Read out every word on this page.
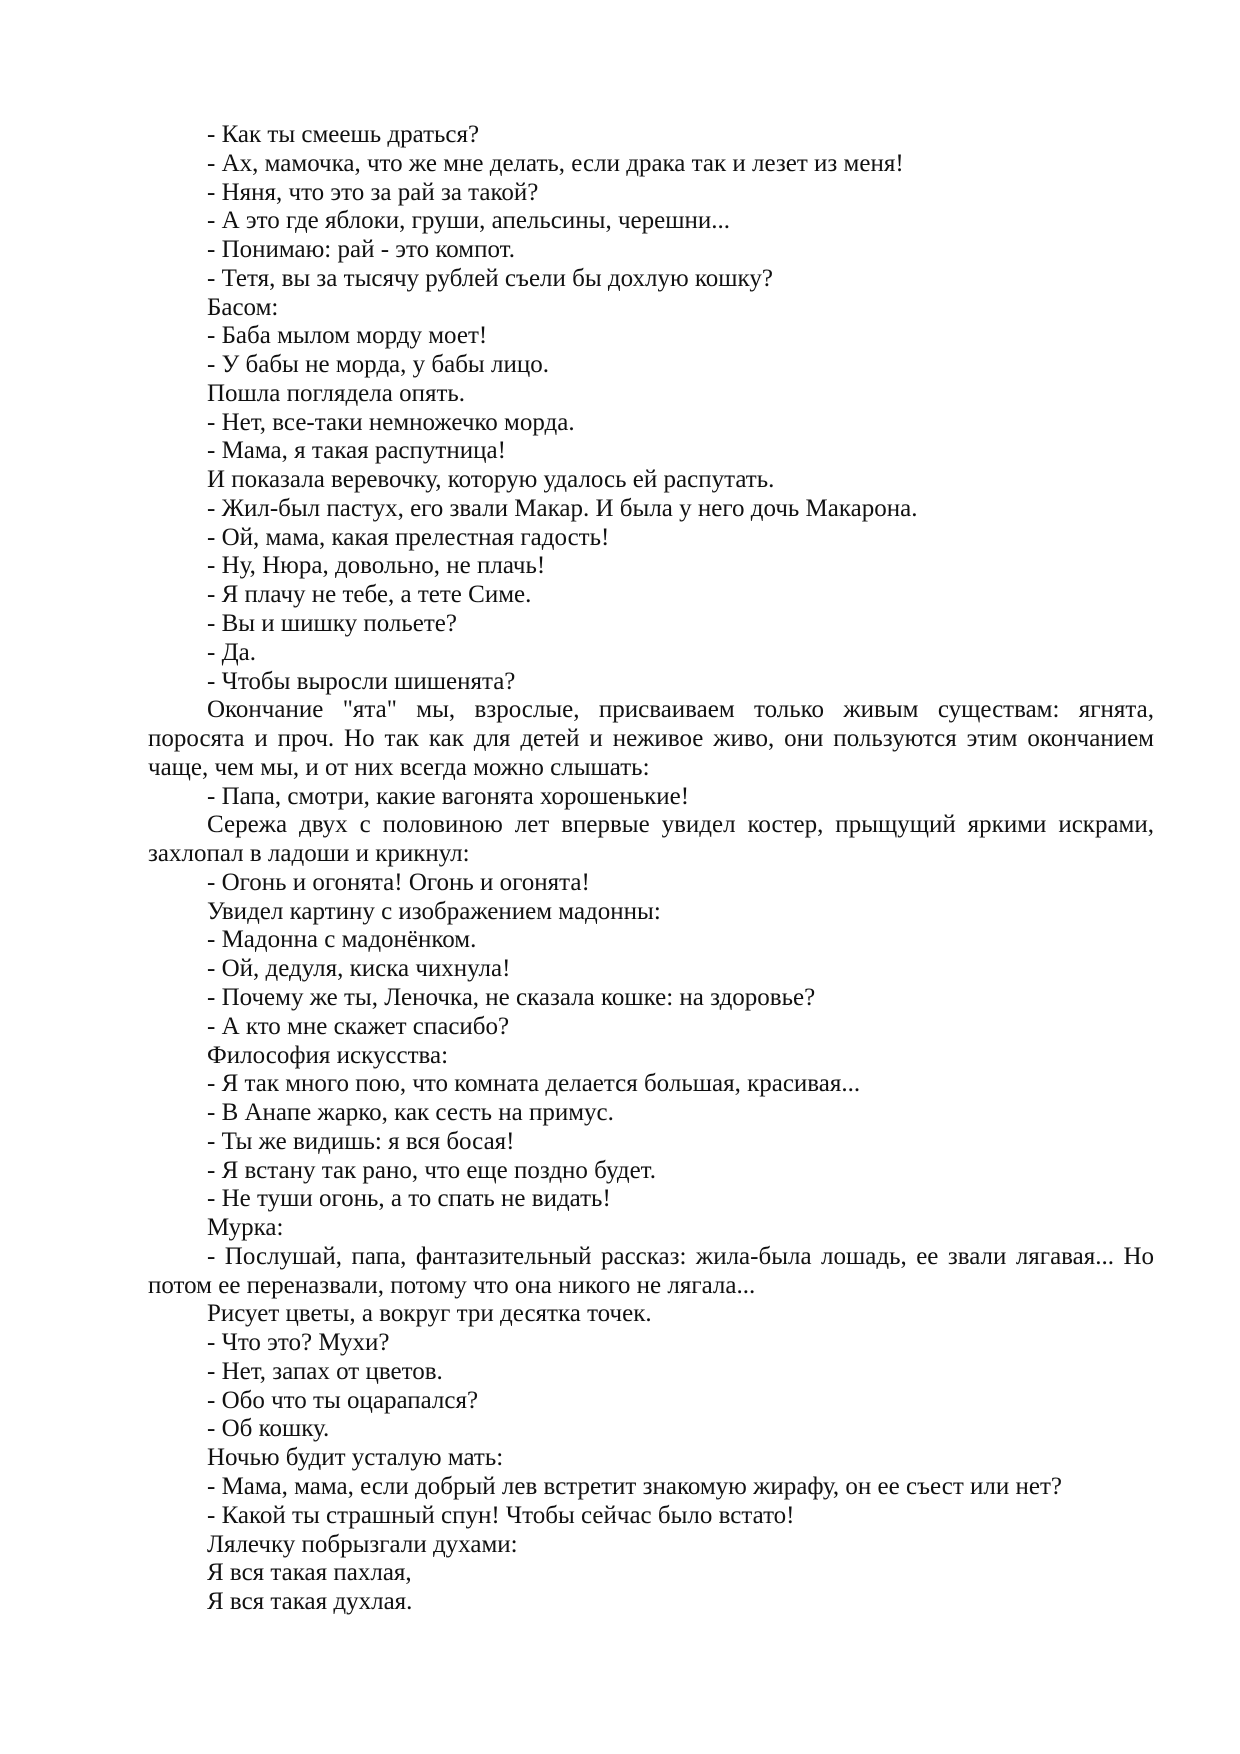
- Как ты смеешь драться?
- Ах, мамочка, что же мне делать, если драка так и лезет из меня!
- Няня, что это за рай за такой?
- А это где яблоки, груши, апельсины, черешни...
- Понимаю: рай - это компот.
- Тетя, вы за тысячу рублей съели бы дохлую кошку?
Басом:
- Баба мылом морду моет!
- У бабы не морда, у бабы лицо.
Пошла поглядела опять.
- Нет, все-таки немножечко морда.
- Мама, я такая распутница!
И показала веревочку, которую удалось ей распутать.
- Жил-был пастух, его звали Макар. И была у него дочь Макарона.
- Ой, мама, какая прелестная гадость!
- Ну, Нюра, довольно, не плачь!
- Я плачу не тебе, а тете Симе.
- Вы и шишку польете?
- Да.
- Чтобы выросли шишенята?
Окончание "ята" мы, взрослые, присваиваем только живым существам: ягнята,
поросята и проч. Но так как для детей и неживое живо, они пользуются этим окончанием
чаще, чем мы, и от них всегда можно слышать:
- Папа, смотри, какие вагонята хорошенькие!
Сережа двух с половиною лет впервые увидел костер, прыщущий яркими искрами,
захлопал в ладоши и крикнул:
- Огонь и огонята! Огонь и огонята!
Увидел картину с изображением мадонны:
- Мадонна с мадонёнком.
- Ой, дедуля, киска чихнула!
- Почему же ты, Леночка, не сказала кошке: на здоровье?
- А кто мне скажет спасибо?
Философия искусства:
- Я так много пою, что комната делается большая, красивая...
- В Анапе жарко, как сесть на примус.
- Ты же видишь: я вся босая!
- Я встану так рано, что еще поздно будет.
- Не туши огонь, а то спать не видать!
Мурка:
- Послушай, папа, фантазительный рассказ: жила-была лошадь, ее звали лягавая... Но
потом ее переназвали, потому что она никого не лягала...
Рисует цветы, а вокруг три десятка точек.
- Что это? Мухи?
- Нет, запах от цветов.
- Обо что ты оцарапался?
- Об кошку.
Ночью будит усталую мать:
- Мама, мама, если добрый лев встретит знакомую жирафу, он ее съест или нет?
- Какой ты страшный спун! Чтобы сейчас было встато!
Лялечку побрызгали духами:
Я вся такая пахлая,
Я вся такая духлая.
